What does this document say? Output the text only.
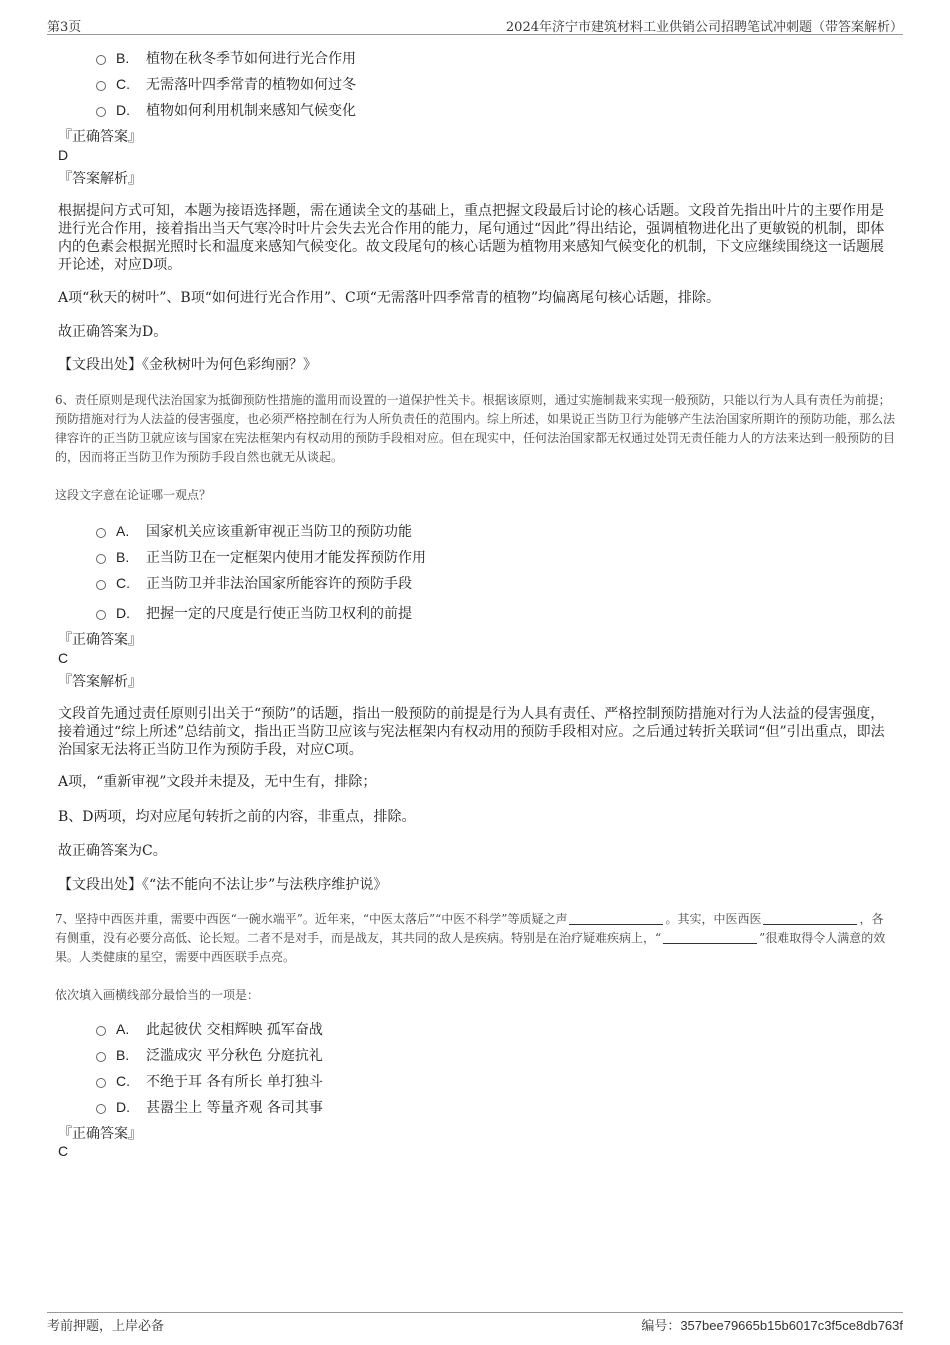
第3页	2024年济宁市建筑材料工业供销公司招聘笔试冲刺题（带答案解析）
B. 植物在秋冬季节如何进行光合作用
C. 无需落叶四季常青的植物如何过冬
D. 植物如何利用机制来感知气候变化
『正确答案』
D
『答案解析』
根据提问方式可知，本题为接语选择题，需在通读全文的基础上，重点把握文段最后讨论的核心话题。文段首先指出叶片的主要作用是进行光合作用，接着指出当天气寒冷时叶片会失去光合作用的能力，尾句通过“因此”得出结论，强调植物进化出了更敏锐的机制，即体内的色素会根据光照时长和温度来感知气候变化。故文段尾句的核心话题为植物用来感知气候变化的机制，下文应继续围绕这一话题展开论述，对应D项。
A项“秋天的树叶”、B项“如何进行光合作用”、C项“无需落叶四季常青的植物”均偏离尾句核心话题，排除。
故正确答案为D。
【文段出处】《金秋树叶为何色彩绚丽？》
6、责任原则是现代法治国家为抵御预防性措施的滥用而设置的一道保护性关卡。根据该原则，通过实施制裁来实现一般预防，只能以行为人具有责任为前提；预防措施对行为人法益的侵害强度，也必须严格控制在行为人所负责任的范围内。综上所述，如果说正当防卫行为能够产生法治国家所期许的预防功能，那么法律容许的正当防卫就应该与国家在宪法框架内有权动用的预防手段相对应。但在现实中，任何法治国家都无权通过处罚无责任能力人的方法来达到一般预防的目的，因而将正当防卫作为预防手段自然也就无从谈起。
这段文字意在论证哪一观点？
A. 国家机关应该重新审视正当防卫的预防功能
B. 正当防卫在一定框架内使用才能发挥预防作用
C. 正当防卫并非法治国家所能容许的预防手段
D. 把握一定的尺度是行使正当防卫权利的前提
『正确答案』
C
『答案解析』
文段首先通过责任原则引出关于“预防”的话题，指出一般预防的前提是行为人具有责任、严格控制预防措施对行为人法益的侵害强度，接着通过“综上所述”总结前文，指出正当防卫应该与宪法框架内有权动用的预防手段相对应。之后通过转折关联词“但”引出重点，即法治国家无法将正当防卫作为预防手段，对应C项。
A项，“重新审视”文段并未提及，无中生有，排除；
B、D两项，均对应尾句转折之前的内容，非重点，排除。
故正确答案为C。
【文段出处】《“法不能向不法让步”与法秩序维护说》
7、坚持中西医并重，需要中西医“一碗水端平”。近年来，“中医太落后”“中医不科学”等质疑之声	。其实，中医西医	，各有侧重，没有必要分高低、论长短。二者不是对手，而是战友，其共同的敌人是疾病。特别是在治疗疑难疾病上，“	”很难取得令人满意的效果。人类健康的星空，需要中西医联手点亮。
依次填入画横线部分最恰当的一项是：
A. 此起彼伏 交相辉映 孤军奋战
B. 泛滥成灾 平分秋色 分庭抗礼
C. 不绝于耳 各有所长 单打独斗
D. 甚嚣尘上 等量齐观 各司其事
『正确答案』
C
考前押题，上岸必备	编号：357bee79665b15b6017c3f5ce8db763f
